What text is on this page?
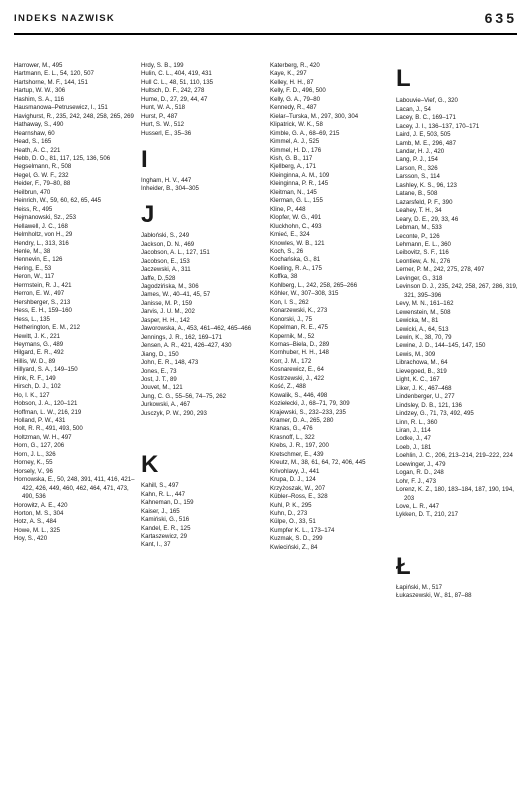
INDEKS NAZWISK	635
Harrower, M., 495
Hartmann, E. L., 54, 120, 507
Hartshorne, M. F., 144, 151
Hartup, W. W., 306
Hashim, S. A., 116
Hausmanowa–Petrusewicz, I., 151
Havighurst, R., 235, 242, 248, 258, 265, 269
Hathaway, S., 490
Hearnshaw, 60
Head, S., 165
Heath, A. C., 221
Hebb, D. O., 81, 117, 125, 136, 506
Hegselmann, R., 508
Hegel, G. W. F., 232
Heider, F., 79–80, 88
Heilbrun, 470
Heinrich, W., 59, 60, 62, 65, 445
Heiss, R., 495
Hejmanowski, Sz., 253
Hellawell, J. C., 168
Helmholtz, von H., 29
Hendry, L., 313, 316
Henle, M., 38
Hennevin, E., 126
Hering, E., 53
Heron, W., 117
Herrnstein, R. J., 421
Herron, E. W., 497
Hershberger, S., 213
Hess, E. H., 159–160
Hess, L., 135
Hetherington, E. M., 212
Hewitt, J. K., 221
Heymans, G., 489
Hilgard, E. R., 492
Hillis, W. D., 89
Hillyard, S. A., 149–150
Hink, R. F., 149
Hirsch, D. J., 102
Ho, I. K., 127
Hobson, J. A., 120–121
Hoffman, L. W., 216, 219
Holland, P. W., 431
Holt, R. R., 491, 493, 500
Holtzman, W. H., 497
Horn, G., 127, 206
Horn, J. L., 326
Horney, K., 55
Horsely, V., 96
Hornowska, E., 50, 248, 391, 411, 416, 421–422, 426, 449, 460, 462, 464, 471, 473, 490, 536
Horowitz, A. E., 420
Horton, M. S., 304
Hotz, A. S., 484
Howe, M. L., 325
Hoy, S., 420
Hrdy, S. B., 199
Hulin, C. L., 404, 419, 431
Hull C. L., 48, 51, 110, 135
Hultsch, D. F., 242, 278
Hume, D., 27, 29, 44, 47
Hunt, W. A., 518
Hurst, P., 487
Hurt, S. W., 512
Husserl, E., 35–36
I
Ingham, H. V., 447
Inheider, B., 304–305
J
Jabłoński, S., 249
Jackson, D. N., 469
Jacobson, A. L., 127, 151
Jacobson, E., 153
Jaczewski, A., 311
Jaffe, D.,528
Jagodzińska, M., 306
James, W., 40–41, 45, 57
Janisse, M. P., 159
Jarvis, J. U. M., 202
Jasper, H. H., 142
Jaworowska, A., 453, 461–462, 465–466
Jennings, J. R., 162, 169–171
Jensen, A. R., 421, 426–427, 430
Jiang, D., 150
John, E. R., 148, 473
Jones, E., 73
Jost, J. T., 89
Jouvet, M., 121
Jung, C. G., 55–56, 74–75, 262
Jurkowski, A., 467
Jusczyk, P. W., 290, 293
K
Kahill, S., 497
Kahn, R. L., 447
Kahneman, D., 159
Kaiser, J., 165
Kamiński, G., 516
Kandel, E. R., 125
Kartaszewicz, 29
Kant, I., 37
Katerberg, R., 420
Kaye, K., 297
Kelley, H. H., 87
Kelly, F. D., 496, 500
Kelly, G. A., 79–80
Kennedy, R., 487
Kielar–Turska, M., 297, 300, 304
Klipatrick, W. K., 58
Kimble, G. A., 68–69, 215
Kimmel, A. J., 525
Kimmel, H. D., 176
Kish, G. B., 117
Kjellberg, A., 171
Kleinginna, A. M., 109
Kleinginna, P. R., 145
Kleitman, N., 145
Klerman, G. L., 155
Kline, P., 448
Klopfer, W. G., 491
Kluckhohn, C., 493
Kmieć, E., 324
Knowles, W. B., 121
Koch, S., 26
Kochańska, G., 81
Koelling, R. A., 175
Koffka, 38
Kohlberg, L., 242, 258, 265–266
Köhler, W., 307–308, 315
Kon, I. S., 262
Konarzewski, K., 273
Konorski, J., 75
Kopelman, R. E., 475
Kopernik, M., 52
Kornas–Biela, D., 289
Kornhuber, H. H., 148
Korr, J. M., 172
Kosnarewicz, E., 64
Kostrzewski, J., 422
Kość, Z., 488
Kowalik, S., 446, 498
Koziełecki, J., 68–71, 79, 309
Krajewski, S., 232–233, 235
Kramer, D. A., 265, 280
Kranas, G., 476
Krasnoff, L., 322
Krebs, J. R., 197, 200
Kretschmer, E., 439
Kreutz, M., 38, 61, 64, 72, 406, 445
Krivohlavy, J., 441
Krupa, D. J., 124
Krzyżoszak, W., 207
Kübler–Ross, E., 328
Kuhl, P. K., 295
Kuhn, D., 273
Külpe, O., 33, 51
Kumpfer K. L., 173–174
Kuzmak, S. D., 299
Kwieciński, Z., 84
L
Labouvie–Vief, G., 320
Lacan, J., 54
Lacey, B. C., 169–171
Lacey, J. I., 136–137, 170–171
Laird, J. E, 503, 505
Lamb, M. E., 296, 487
Landar, H. J., 420
Lang, P. J., 154
Larson, R., 326
Larsson, S., 114
Lashley, K. S., 96, 123
Latane, B., 508
Lazarsfeld, P. F., 390
Leahey, T. H., 34
Leary, D. E., 29, 33, 46
Lebman, M., 533
Leconte, P., 126
Lehmann, E. L., 360
Leibovitz, S. F., 116
Leontiew, A. N., 276
Lerner, P. M., 242, 275, 278, 497
Levinger, G., 318
Levinson D. J., 235, 242, 258, 267, 286, 319, 321, 395–396
Levy, M. N., 161–162
Lewenstein, M., 508
Lewicka, M., 81
Lewicki, A., 64, 513
Lewin, K., 38, 70, 79
Lewine, J. D., 144–145, 147, 150
Lewis, M., 309
Librachowa, M., 64
Lievegoed, B., 319
Light, K. C., 167
Liker, J. K., 467–468
Lindenberger, U., 277
Lindsley, D. B., 121, 136
Lindzey, G., 71, 73, 492, 495
Linn, R. L., 360
Liran, J., 114
Lodke, J., 47
Loeb, J., 181
Loehlin, J. C., 206, 213–214, 219–222, 224
Loewinger, J., 479
Logan, R. D., 248
Lohr, F. J., 473
Lorenz, K. Z., 180, 183–184, 187, 190, 194, 203
Love, L. R., 447
Lykken, D. T., 210, 217
Ł
Łapiński, M., 517
Łukaszewski, W., 81, 87–88
